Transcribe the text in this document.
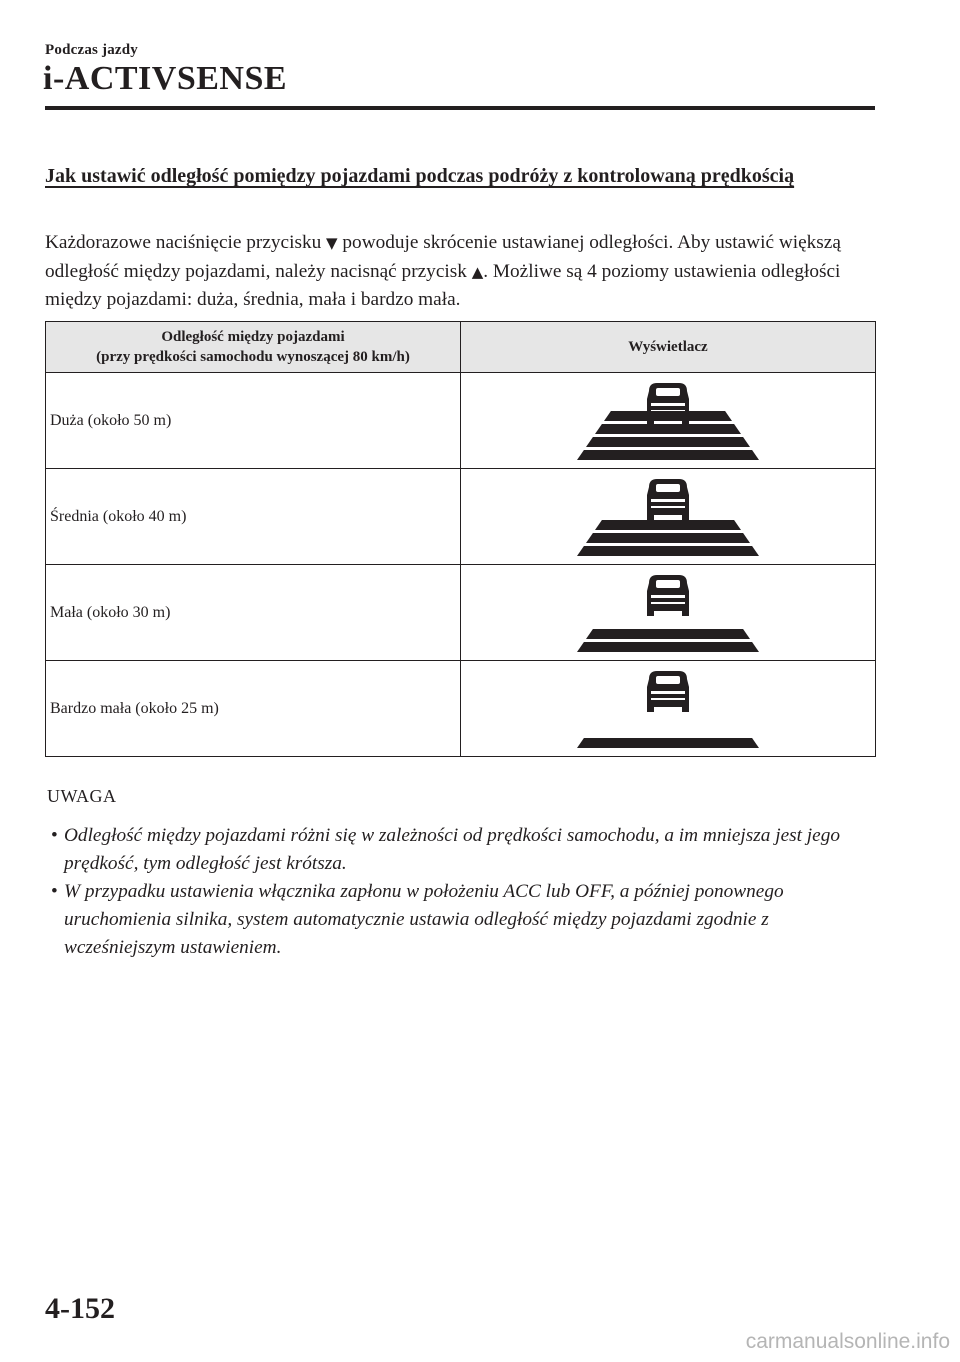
Podczas jazdy
i-ACTIVSENSE
Jak ustawić odległość pomiędzy pojazdami podczas podróży z kontrolowaną prędkością
Każdorazowe naciśnięcie przycisku ▼ powoduje skrócenie ustawianej odległości. Aby ustawić większą odległość między pojazdami, należy nacisnąć przycisk ▲. Możliwe są 4 poziomy ustawienia odległości między pojazdami: duża, średnia, mała i bardzo mała.
Odległość między pojazdami
(przy prędkości samochodu wynoszącej 80 km/h)	Wyświetlacz
Duża (około 50 m)	

Średnia (około 40 m)	

Mała (około 30 m)	

Bardzo mała (około 25 m)	
UWAGA
• Odległość między pojazdami różni się w zależności od prędkości samochodu, a im mniejsza jest jego prędkość, tym odległość jest krótsza.
• W przypadku ustawienia włącznika zapłonu w położeniu ACC lub OFF, a później ponownego uruchomienia silnika, system automatycznie ustawia odległość między pojazdami zgodnie z wcześniejszym ustawieniem.
4-152
carmanualsonline.info
